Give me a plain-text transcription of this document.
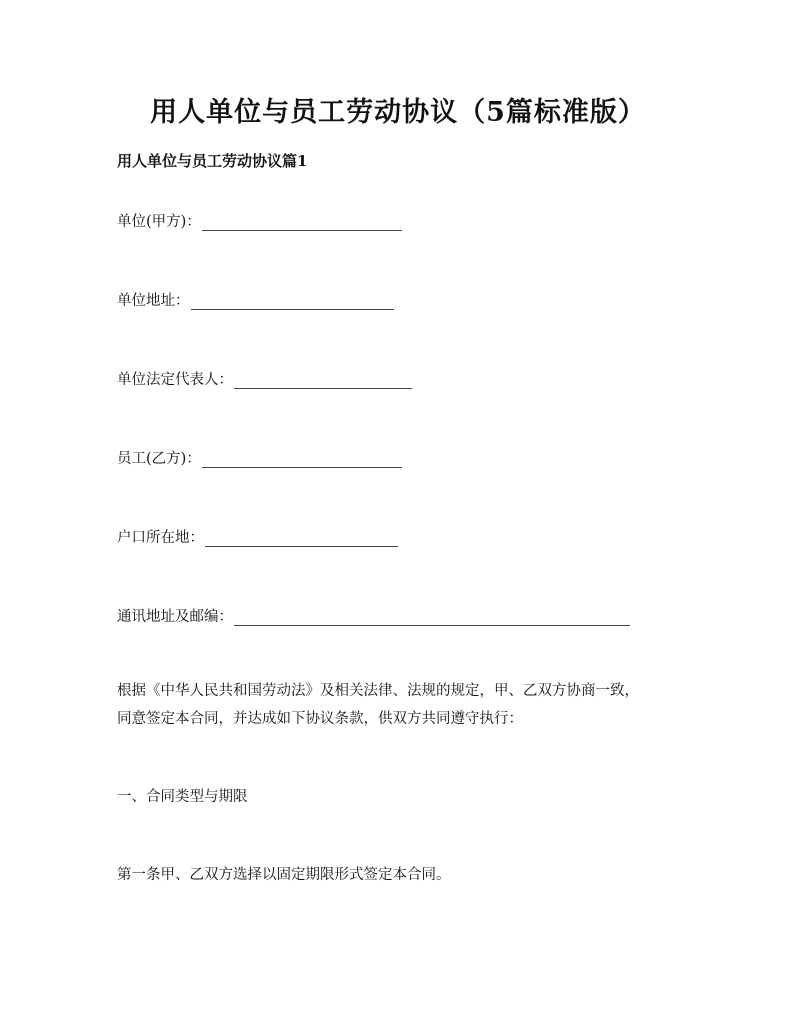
用人单位与员工劳动协议（5篇标准版）
用人单位与员工劳动协议篇1
单位(甲方)：
单位地址：
单位法定代表人：
员工(乙方)：
户口所在地：
通讯地址及邮编：
根据《中华人民共和国劳动法》及相关法律、法规的规定，甲、乙双方协商一致，
同意签定本合同，并达成如下协议条款，供双方共同遵守执行：
一、合同类型与期限
第一条甲、乙双方选择以固定期限形式签定本合同。
